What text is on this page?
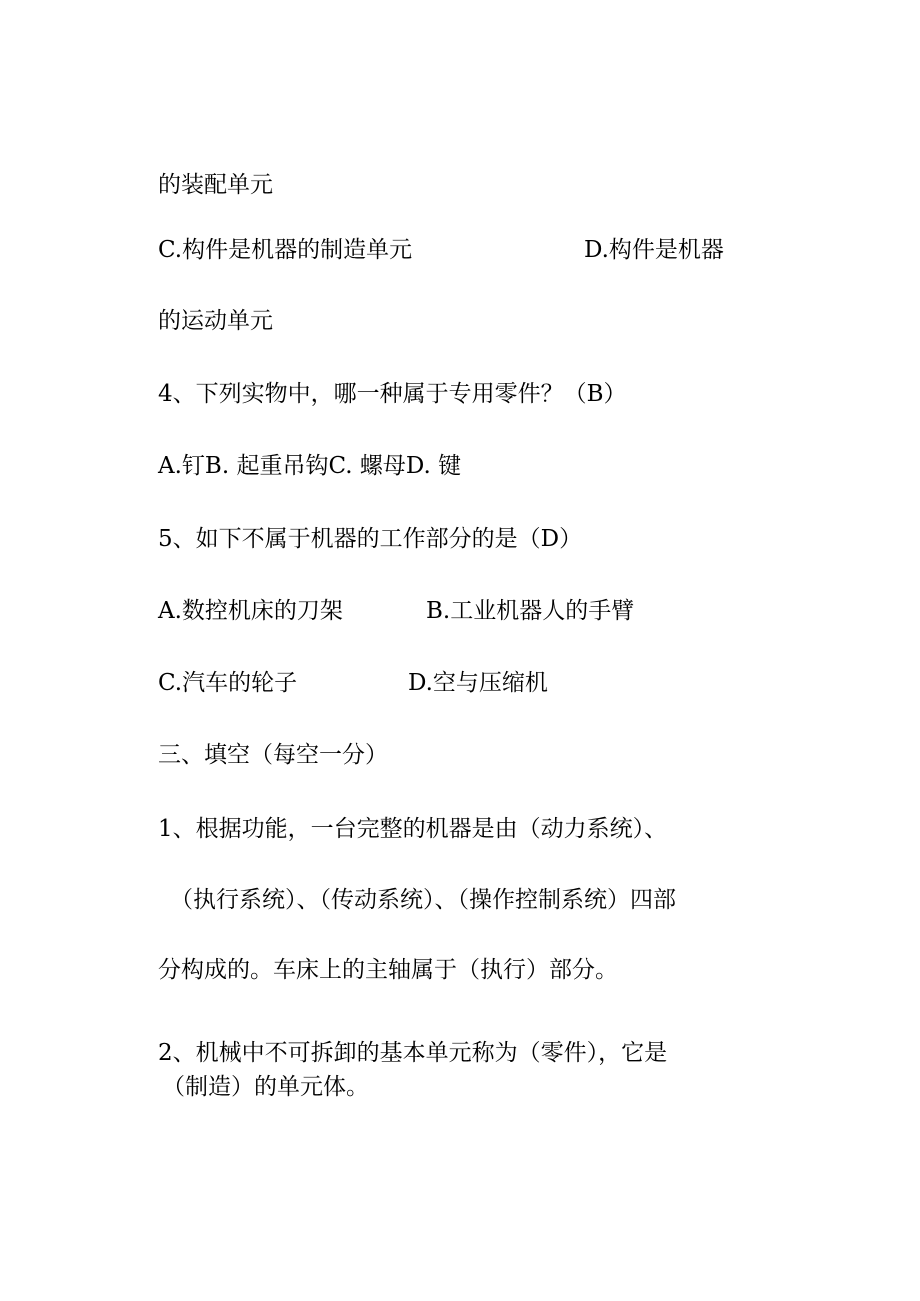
的装配单元
C.构件是机器的制造单元	D.构件是机器
的运动单元
4、下列实物中，哪一种属于专用零件？（B）
A.钉B. 起重吊钩C. 螺母D. 键
5、如下不属于机器的工作部分的是（D）
A.数控机床的刀架	B.工业机器人的手臂
C.汽车的轮子	D.空与压缩机
三、填空（每空一分）
1、根据功能，一台完整的机器是由（动力系统）、
（执行系统）、（传动系统）、（操作控制系统）四部
分构成的。车床上的主轴属于（执行）部分。
2、机械中不可拆卸的基本单元称为（零件），它是
（制造）的单元体。
